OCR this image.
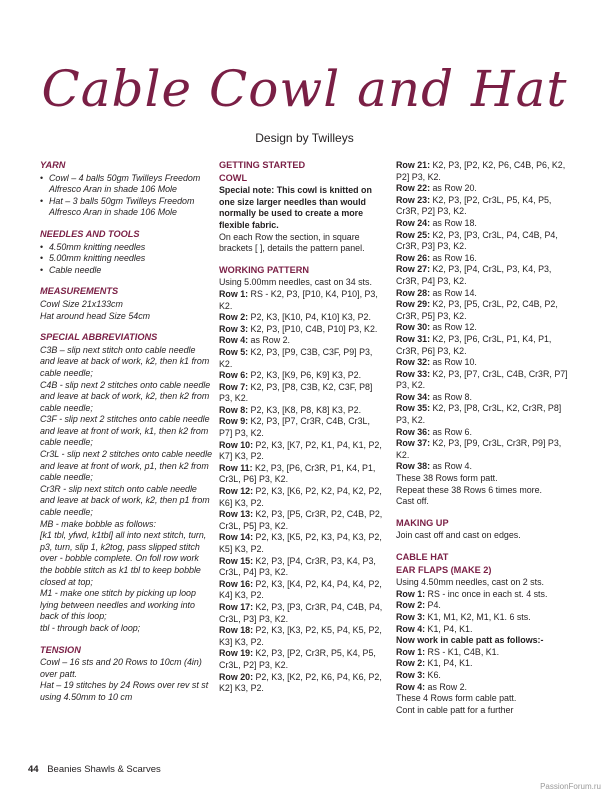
Cable Cowl and Hat
Design by Twilleys
YARN
• Cowl – 4 balls 50gm Twilleys Freedom Alfresco Aran in shade 106 Mole
• Hat – 3 balls 50gm Twilleys Freedom Alfresco Aran in shade 106 Mole
NEEDLES AND TOOLS
• 4.50mm knitting needles
• 5.00mm knitting needles
• Cable needle
MEASUREMENTS
Cowl Size 21x133cm
Hat around head Size 54cm
SPECIAL ABBREVIATIONS
C3B – slip next stitch onto cable needle and leave at back of work, k2, then k1 from cable needle;
C4B - slip next 2 stitches onto cable needle and leave at back of work, k2, then k2 from cable needle;
C3F - slip next 2 stitches onto cable needle and leave at front of work, k1, then k2 from cable needle;
Cr3L - slip next 2 stitches onto cable needle and leave at front of work, p1, then k2 from cable needle;
Cr3R - slip next stitch onto cable needle and leave at back of work, k2, then p1 from cable needle;
MB - make bobble as follows:
[k1 tbl, yfwd, k1tbl] all into next stitch, turn, p3, turn, slip 1, k2tog, pass slipped stitch over - bobble complete. On foll row work the bobble stitch as k1 tbl to keep bobble closed at top;
M1 - make one stitch by picking up loop lying between needles and working into back of this loop;
tbl - through back of loop;
TENSION
Cowl – 16 sts and 20 Rows to 10cm (4in) over patt.
Hat – 19 stitches by 24 Rows over rev st st using 4.50mm to 10 cm
GETTING STARTED
COWL
Special note: This cowl is knitted on one size larger needles than would normally be used to create a more flexible fabric.
On each Row the section, in square brackets [ ], details the pattern panel.
WORKING PATTERN
Using 5.00mm needles, cast on 34 sts.
Row 1: RS - K2, P3, [P10, K4, P10], P3, K2.
Row 2: P2, K3, [K10, P4, K10] K3, P2.
Row 3: K2, P3, [P10, C4B, P10] P3, K2.
Row 4: as Row 2.
Row 5: K2, P3, [P9, C3B, C3F, P9] P3, K2.
Row 6: P2, K3, [K9, P6, K9] K3, P2.
Row 7: K2, P3, [P8, C3B, K2, C3F, P8] P3, K2.
Row 8: P2, K3, [K8, P8, K8] K3, P2.
Row 9: K2, P3, [P7, Cr3R, C4B, Cr3L, P7] P3, K2.
Row 10: P2, K3, [K7, P2, K1, P4, K1, P2, K7] K3, P2.
Row 11: K2, P3, [P6, Cr3R, P1, K4, P1, Cr3L, P6] P3, K2.
Row 12: P2, K3, [K6, P2, K2, P4, K2, P2, K6] K3, P2.
Row 13: K2, P3, [P5, Cr3R, P2, C4B, P2, Cr3L, P5] P3, K2.
Row 14: P2, K3, [K5, P2, K3, P4, K3, P2, K5] K3, P2.
Row 15: K2, P3, [P4, Cr3R, P3, K4, P3, Cr3L, P4] P3, K2.
Row 16: P2, K3, [K4, P2, K4, P4, K4, P2, K4] K3, P2.
Row 17: K2, P3, [P3, Cr3R, P4, C4B, P4, Cr3L, P3] P3, K2.
Row 18: P2, K3, [K3, P2, K5, P4, K5, P2, K3] K3, P2.
Row 19: K2, P3, [P2, Cr3R, P5, K4, P5, Cr3L, P2] P3, K2.
Row 20: P2, K3, [K2, P2, K6, P4, K6, P2, K2] K3, P2.
Row 21: K2, P3, [P2, K2, P6, C4B, P6, K2, P2] P3, K2.
Row 22: as Row 20.
Row 23: K2, P3, [P2, Cr3L, P5, K4, P5, Cr3R, P2] P3, K2.
Row 24: as Row 18.
Row 25: K2, P3, [P3, Cr3L, P4, C4B, P4, Cr3R, P3] P3, K2.
Row 26: as Row 16.
Row 27: K2, P3, [P4, Cr3L, P3, K4, P3, Cr3R, P4] P3, K2.
Row 28: as Row 14.
Row 29: K2, P3, [P5, Cr3L, P2, C4B, P2, Cr3R, P5] P3, K2.
Row 30: as Row 12.
Row 31: K2, P3, [P6, Cr3L, P1, K4, P1, Cr3R, P6] P3, K2.
Row 32: as Row 10.
Row 33: K2, P3, [P7, Cr3L, C4B, Cr3R, P7] P3, K2.
Row 34: as Row 8.
Row 35: K2, P3, [P8, Cr3L, K2, Cr3R, P8] P3, K2.
Row 36: as Row 6.
Row 37: K2, P3, [P9, Cr3L, Cr3R, P9] P3, K2.
Row 38: as Row 4.
These 38 Rows form patt.
Repeat these 38 Rows 6 times more.
Cast off.
MAKING UP
Join cast off and cast on edges.
CABLE HAT
EAR FLAPS (MAKE 2)
Using 4.50mm needles, cast on 2 sts.
Row 1: RS - inc once in each st. 4 sts.
Row 2: P4.
Row 3: K1, M1, K2, M1, K1. 6 sts.
Row 4: K1, P4, K1.
Now work in cable patt as follows:-
Row 1: RS - K1, C4B, K1.
Row 2: K1, P4, K1.
Row 3: K6.
Row 4: as Row 2.
These 4 Rows form cable patt.
Cont in cable patt for a further
44 Beanies Shawls & Scarves
PassionForum.ru
